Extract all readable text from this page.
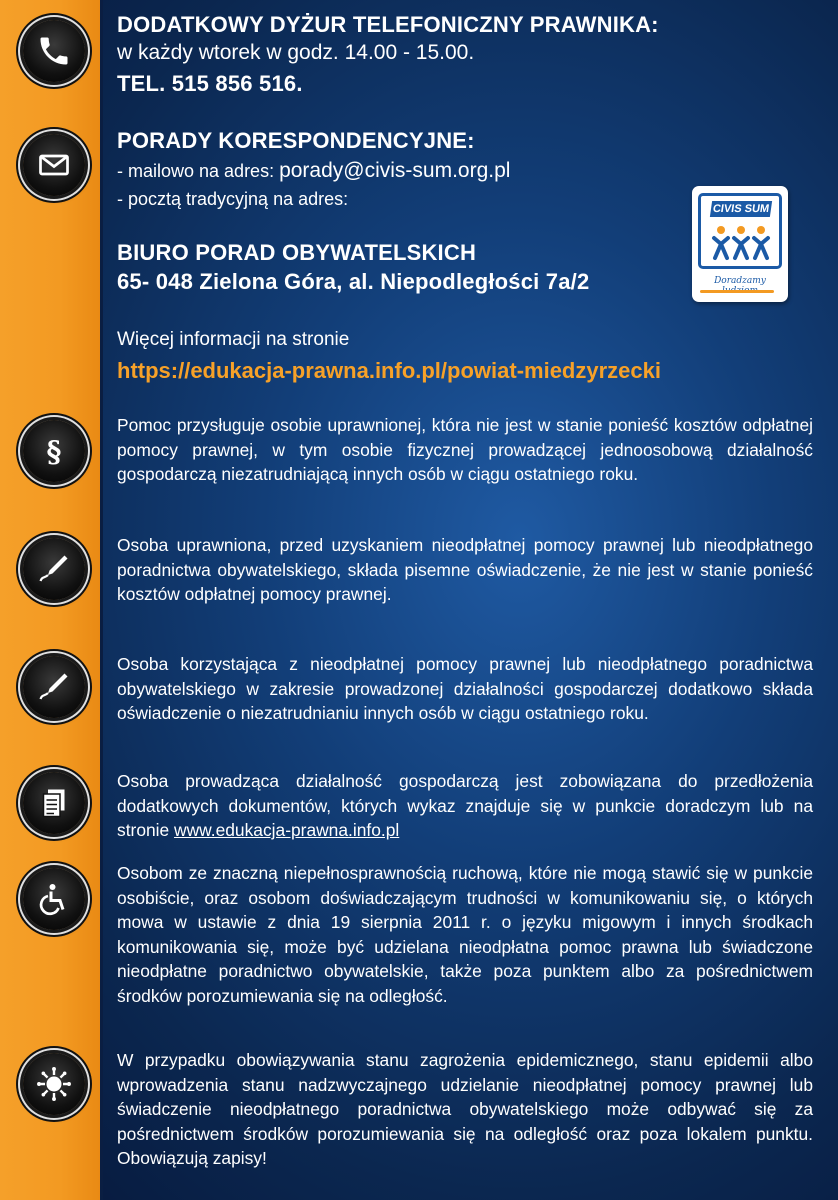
§
DODATKOWY DYŻUR TELEFONICZNY PRAWNIKA:
w każdy wtorek w godz. 14.00 - 15.00.
TEL. 515 856 516.
PORADY KORESPONDENCYJNE:
- mailowo na adres: porady@civis-sum.org.pl
- pocztą tradycyjną na adres:
BIURO PORAD OBYWATELSKICH
65- 048 Zielona Góra, al. Niepodległości 7a/2
CIVIS SUM
Doradzamy
Więcej informacji na stronie
https://edukacja-prawna.info.pl/powiat-miedzyrzecki
Pomoc przysługuje osobie uprawnionej, która nie jest w stanie ponieść kosztów odpłatnej pomocy prawnej, w tym osobie fizycznej prowadzącej jednoosobową działalność gospodarczą niezatrudniającą innych osób w ciągu ostatniego roku.
Osoba uprawniona, przed uzyskaniem nieodpłatnej pomocy prawnej lub nieodpłatnego poradnictwa obywatelskiego, składa pisemne oświadczenie, że nie jest w stanie ponieść kosztów odpłatnej pomocy prawnej.
Osoba korzystająca z nieodpłatnej pomocy prawnej lub nieodpłatnego poradnictwa obywatelskiego w zakresie prowadzonej działalności gospodarczej dodatkowo składa oświadczenie o niezatrudnianiu innych osób w ciągu ostatniego roku.
Osoba prowadząca działalność gospodarczą jest zobowiązana do przedłożenia dodatkowych dokumentów, których wykaz znajduje się w punkcie doradczym lub na stronie www.edukacja-prawna.info.pl
Osobom ze znaczną niepełnosprawnością ruchową, które nie mogą stawić się w punkcie osobiście, oraz osobom doświadczającym trudności w komunikowaniu się, o których mowa w ustawie z dnia 19 sierpnia 2011 r. o języku migowym i innych środkach komunikowania się, może być udzielana nieodpłatna pomoc prawna lub świadczone nieodpłatne poradnictwo obywatelskie, także poza punktem albo za pośrednictwem środków porozumiewania się na odległość.
W przypadku obowiązywania stanu zagrożenia epidemicznego, stanu epidemii albo wprowadzenia stanu nadzwyczajnego udzielanie nieodpłatnej pomocy prawnej lub świadczenie nieodpłatnego poradnictwa obywatelskiego może odbywać się za pośrednictwem środków porozumiewania się na odległość oraz poza lokalem punktu. Obowiązują zapisy!
